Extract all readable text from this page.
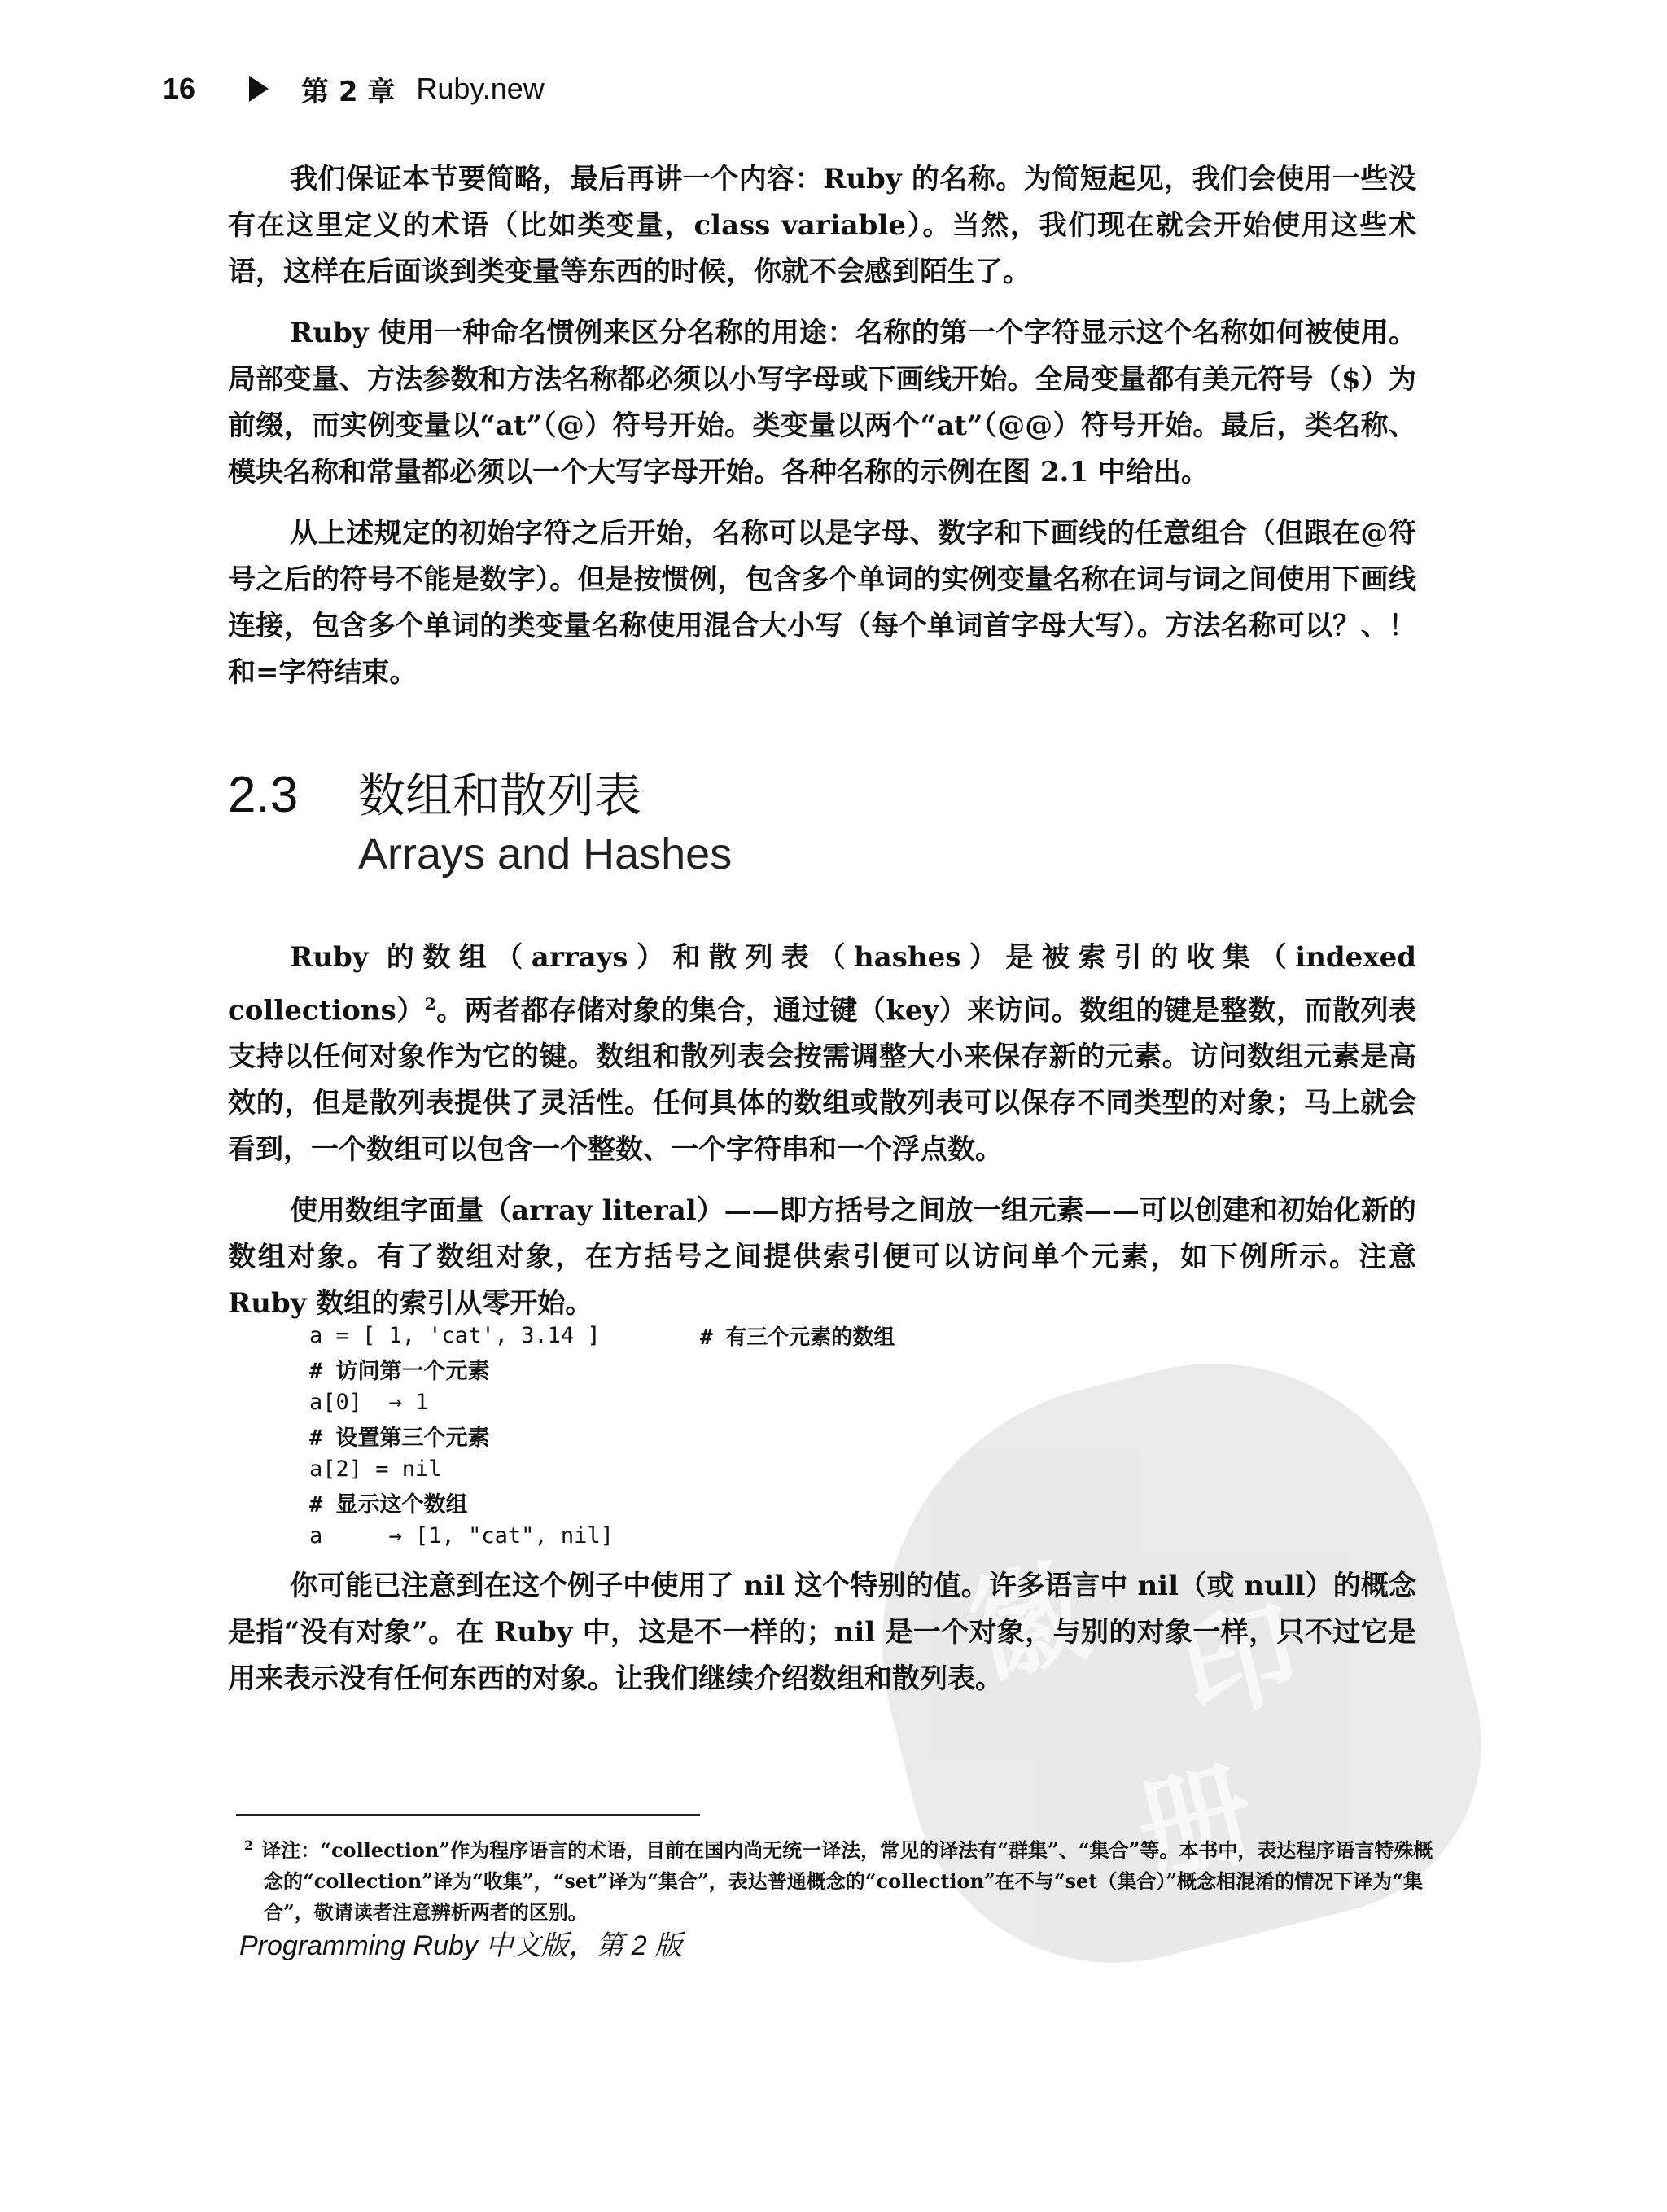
16	第 2 章 Ruby.new

我们保证本节要简略，最后再讲一个内容：Ruby 的名称。为简短起见，我们会使用一些没有在这里定义的术语（比如类变量，class variable）。当然，我们现在就会开始使用这些术语，这样在后面谈到类变量等东西的时候，你就不会感到陌生了。

Ruby 使用一种命名惯例来区分名称的用途：名称的第一个字符显示这个名称如何被使用。局部变量、方法参数和方法名称都必须以小写字母或下画线开始。全局变量都有美元符号（$）为前缀，而实例变量以“at”（@）符号开始。类变量以两个“at”（@@）符号开始。最后，类名称、模块名称和常量都必须以一个大写字母开始。各种名称的示例在图 2.1 中给出。

从上述规定的初始字符之后开始，名称可以是字母、数字和下画线的任意组合（但跟在@符号之后的符号不能是数字）。但是按惯例，包含多个单词的实例变量名称在词与词之间使用下画线连接，包含多个单词的类变量名称使用混合大小写（每个单词首字母大写）。方法名称可以？、！和=字符结束。

2.3	数组和散列表
Arrays and Hashes

Ruby 的数组（arrays）和散列表（hashes）是被索引的收集（indexed collections）$^2$。两者都存储对象的集合，通过键（key）来访问。数组的键是整数，而散列表支持以任何对象作为它的键。数组和散列表会按需调整大小来保存新的元素。访问数组元素是高效的，但是散列表提供了灵活性。任何具体的数组或散列表可以保存不同类型的对象；马上就会看到，一个数组可以包含一个整数、一个字符串和一个浮点数。

使用数组字面量（array literal）——即方括号之间放一组元素——可以创建和初始化新的数组对象。有了数组对象，在方括号之间提供索引便可以访问单个元素，如下例所示。注意 Ruby 数组的索引从零开始。

徽 印
册
a = [ 1, 'cat', 3.14 ]	# 有三个元素的数组
# 访问第一个元素
a[0]  → 1
# 设置第三个元素
a[2] = nil
# 显示这个数组
a     → [1, "cat", nil]

你可能已注意到在这个例子中使用了 nil 这个特别的值。许多语言中 nil（或 null）的概念是指“没有对象”。在 Ruby 中，这是不一样的；nil 是一个对象，与别的对象一样，只不过它是用来表示没有任何东西的对象。让我们继续介绍数组和散列表。

$^2$ 译注：“collection”作为程序语言的术语，目前在国内尚无统一译法，常见的译法有“群集”、“集合”等。本书中，表达程序语言特殊概念的“collection”译为“收集”，“set”译为“集合”，表达普通概念的“collection”在不与“set（集合）”概念相混淆的情况下译为“集合”，敬请读者注意辨析两者的区别。
Programming Ruby 中文版，第 2 版
